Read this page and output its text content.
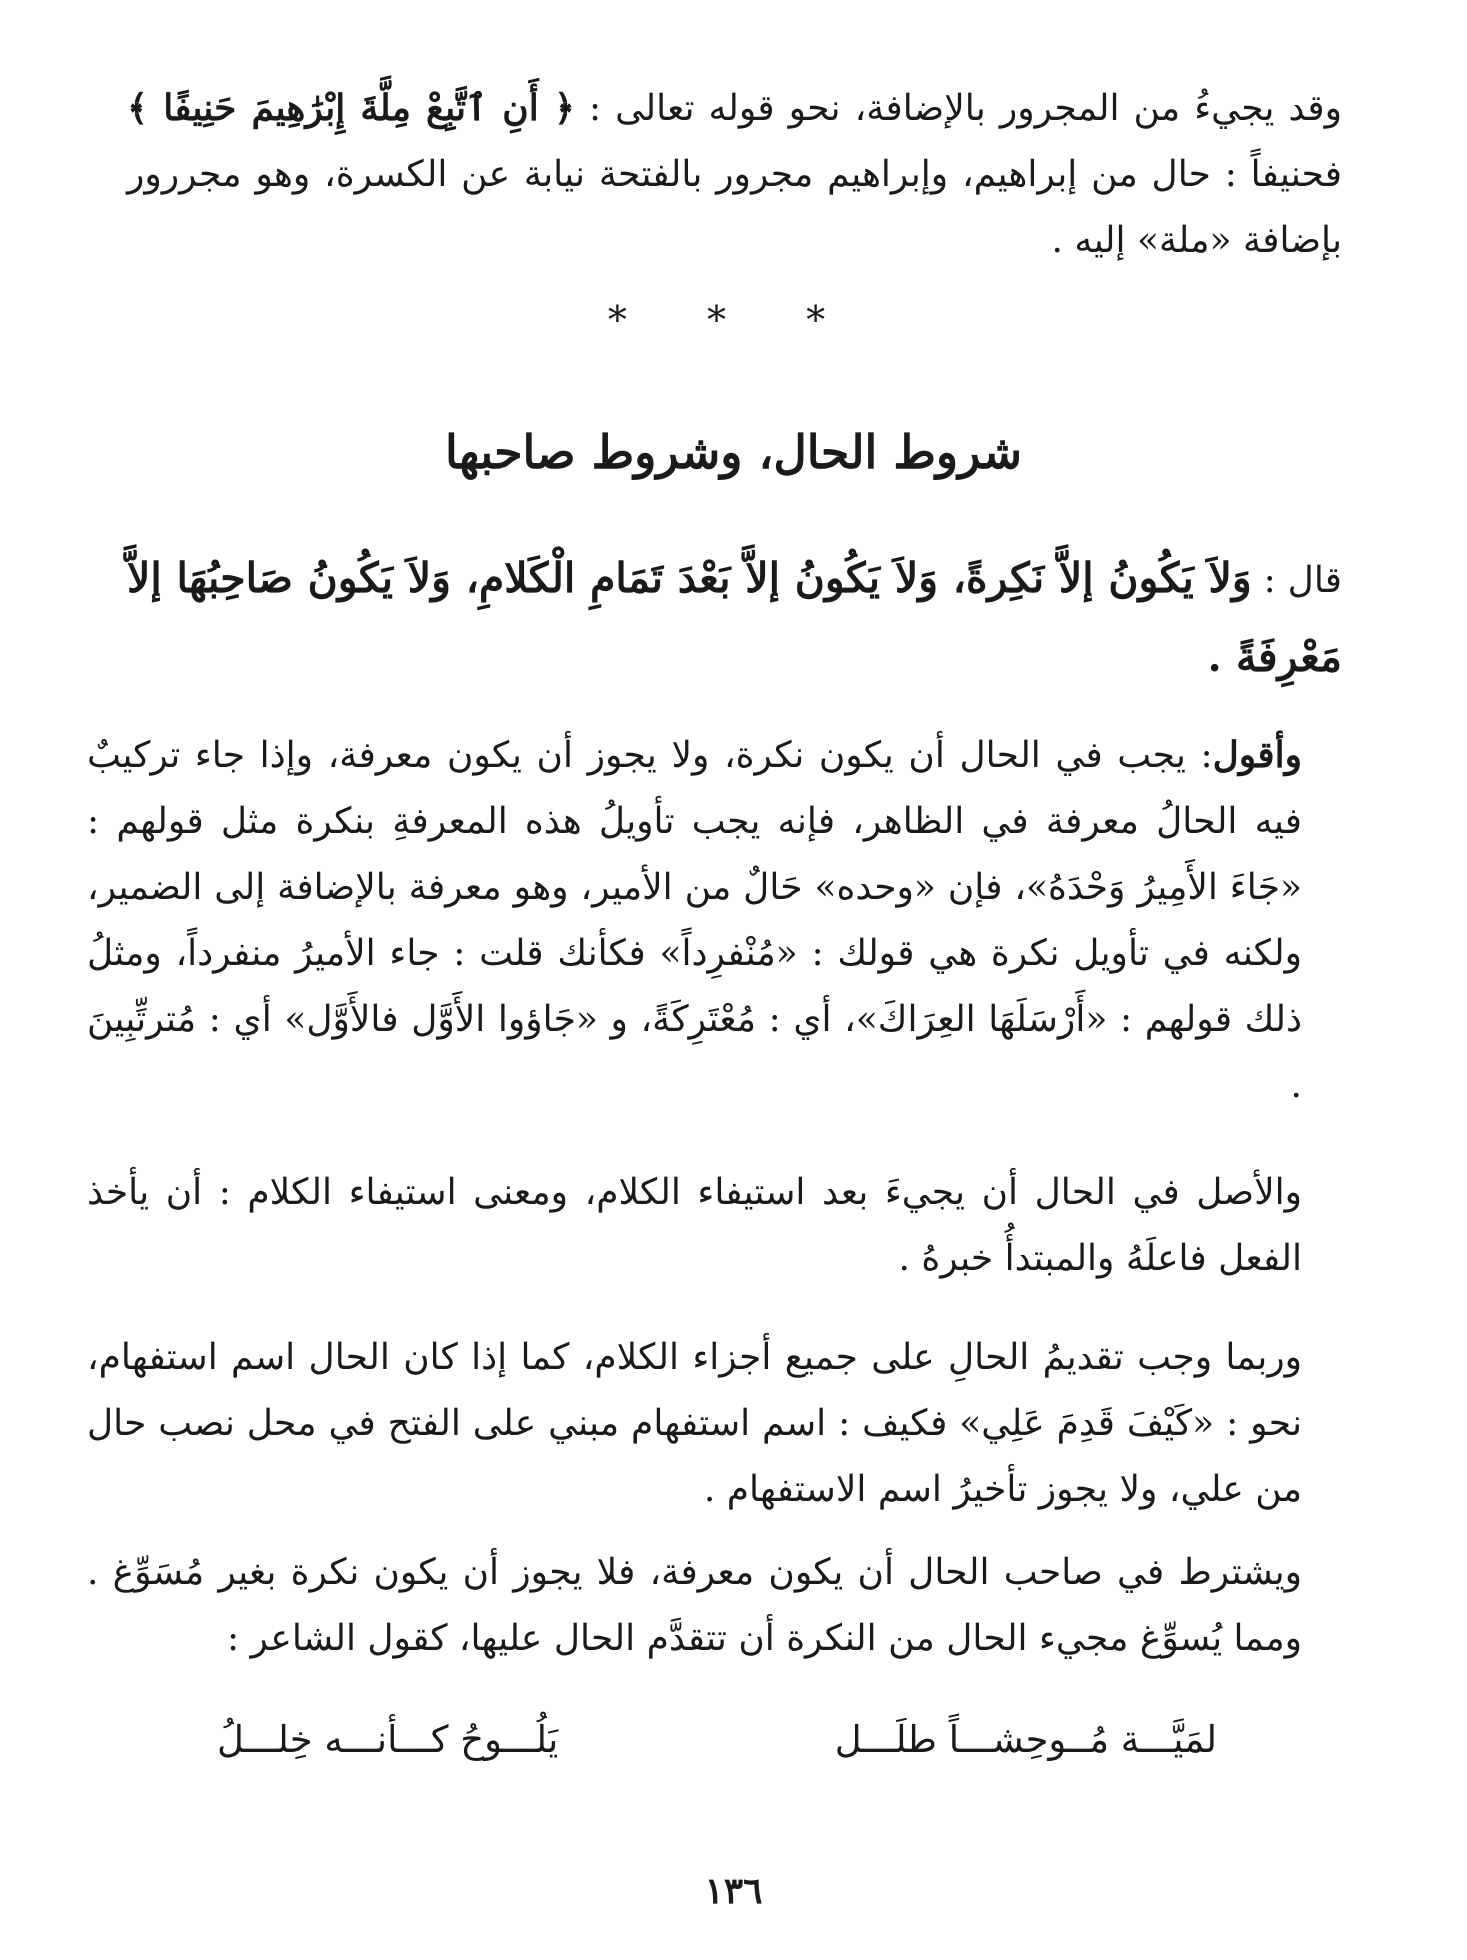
وقد يجيءُ من المجرور بالإضافة، نحو قوله تعالى : ﴿ أَنِ ٱتَّبِعْ مِلَّةَ إِبْرَٰهِيمَ حَنِيفًا ﴾ فحنيفاً : حال من إبراهيم، وإبراهيم مجرور بالفتحة نيابة عن الكسرة، وهو مجررور بإضافة «ملة» إليه .
* * *
شروط الحال، وشروط صاحبها
قال : وَلاَ يَكُونُ إلاَّ نَكِرةً، وَلاَ يَكُونُ إلاَّ بَعْدَ تَمَامِ الْكَلامِ، وَلاَ يَكُونُ صَاحِبُهَا إلاَّ مَعْرِفَةً .
وأقول: يجب في الحال أن يكون نكرة، ولا يجوز أن يكون معرفة، وإذا جاء تركيبٌ فيه الحالُ معرفة في الظاهر، فإنه يجب تأويلُ هذه المعرفةِ بنكرة مثل قولهم : «جَاءَ الأَمِيرُ وَحْدَهُ»، فإن «وحده» حَالٌ من الأمير، وهو معرفة بالإضافة إلى الضمير، ولكنه في تأويل نكرة هي قولك : «مُنْفرِداً» فكأنك قلت : جاء الأميرُ منفرداً، ومثلُ ذلك قولهم : «أَرْسَلَهَا العِرَاكَ»، أي : مُعْتَرِكَةً، و «جَاؤوا الأَوَّل فالأَوَّل» أي : مُترتِّبِينَ .
والأصل في الحال أن يجيءَ بعد استيفاء الكلام، ومعنى استيفاء الكلام : أن يأخذ الفعل فاعلَهُ والمبتدأُ خبرهُ .
وربما وجب تقديمُ الحالِ على جميع أجزاء الكلام، كما إذا كان الحال اسم استفهام، نحو : «كَيْفَ قَدِمَ عَلِي» فكيف : اسم استفهام مبني على الفتح في محل نصب حال من علي، ولا يجوز تأخيرُ اسم الاستفهام .
ويشترط في صاحب الحال أن يكون معرفة، فلا يجوز أن يكون نكرة بغير مُسَوِّغ . ومما يُسوِّغ مجيء الحال من النكرة أن تتقدَّم الحال عليها، كقول الشاعر :
لمَيَّـــة مُــوحِشـــاً طلَـــل
يَلُـــوحُ كـــأنـــه خِلـــلُ
١٣٦
